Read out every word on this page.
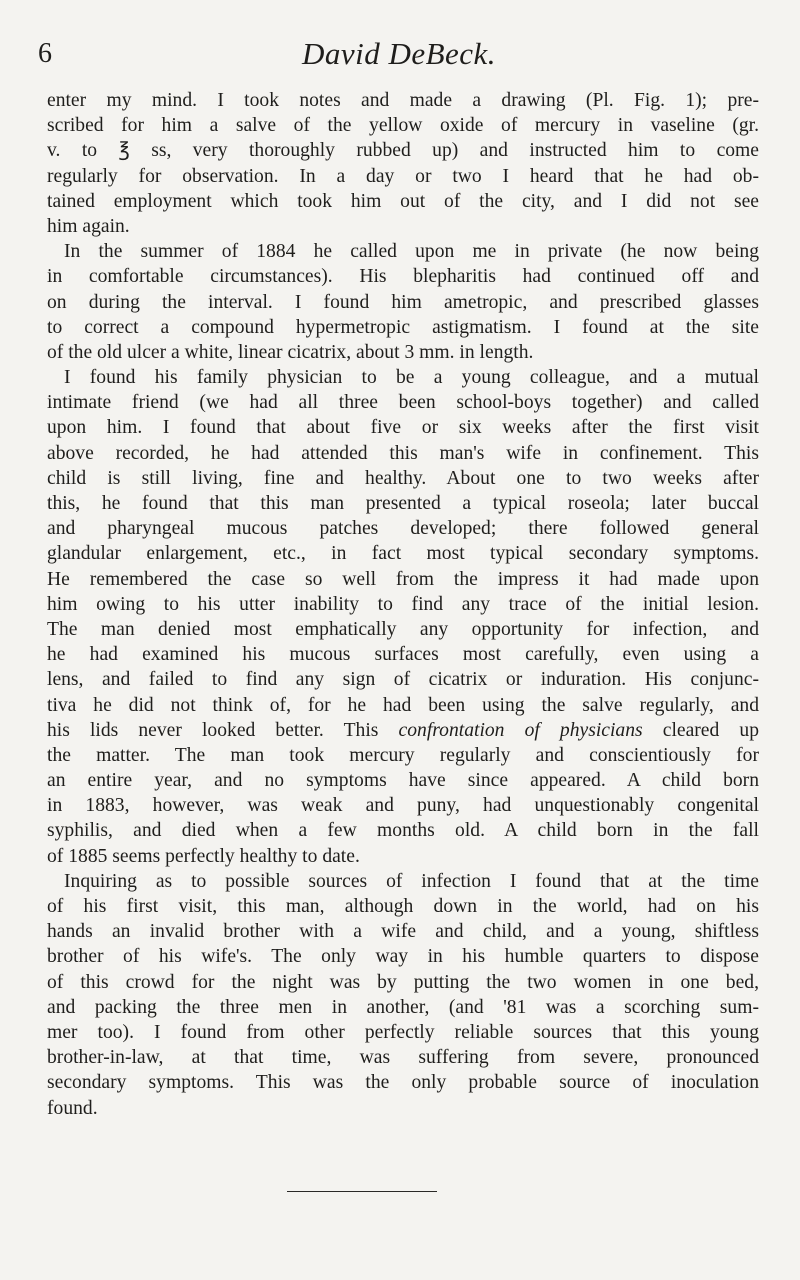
6	David DeBeck.
enter my mind. I took notes and made a drawing (Pl. Fig. 1); pre-
scribed for him a salve of the yellow oxide of mercury in vaseline (gr.
v. to ℥ ss, very thoroughly rubbed up) and instructed him to come
regularly for observation. In a day or two I heard that he had ob-
tained employment which took him out of the city, and I did not see
him again.
In the summer of 1884 he called upon me in private (he now being
in comfortable circumstances). His blepharitis had continued off and
on during the interval. I found him ametropic, and prescribed glasses
to correct a compound hypermetropic astigmatism. I found at the site
of the old ulcer a white, linear cicatrix, about 3 mm. in length.
I found his family physician to be a young colleague, and a mutual
intimate friend (we had all three been school-boys together) and called
upon him. I found that about five or six weeks after the first visit
above recorded, he had attended this man's wife in confinement. This
child is still living, fine and healthy. About one to two weeks after
this, he found that this man presented a typical roseola; later buccal
and pharyngeal mucous patches developed; there followed general
glandular enlargement, etc., in fact most typical secondary symptoms.
He remembered the case so well from the impress it had made upon
him owing to his utter inability to find any trace of the initial lesion.
The man denied most emphatically any opportunity for infection, and
he had examined his mucous surfaces most carefully, even using a
lens, and failed to find any sign of cicatrix or induration. His conjunc-
tiva he did not think of, for he had been using the salve regularly, and
his lids never looked better. This confrontation of physicians cleared up
the matter. The man took mercury regularly and conscientiously for
an entire year, and no symptoms have since appeared. A child born
in 1883, however, was weak and puny, had unquestionably congenital
syphilis, and died when a few months old. A child born in the fall
of 1885 seems perfectly healthy to date.
Inquiring as to possible sources of infection I found that at the time
of his first visit, this man, although down in the world, had on his
hands an invalid brother with a wife and child, and a young, shiftless
brother of his wife's. The only way in his humble quarters to dispose
of this crowd for the night was by putting the two women in one bed,
and packing the three men in another, (and '81 was a scorching sum-
mer too). I found from other perfectly reliable sources that this young
brother-in-law, at that time, was suffering from severe, pronounced
secondary symptoms. This was the only probable source of inoculation
found.
